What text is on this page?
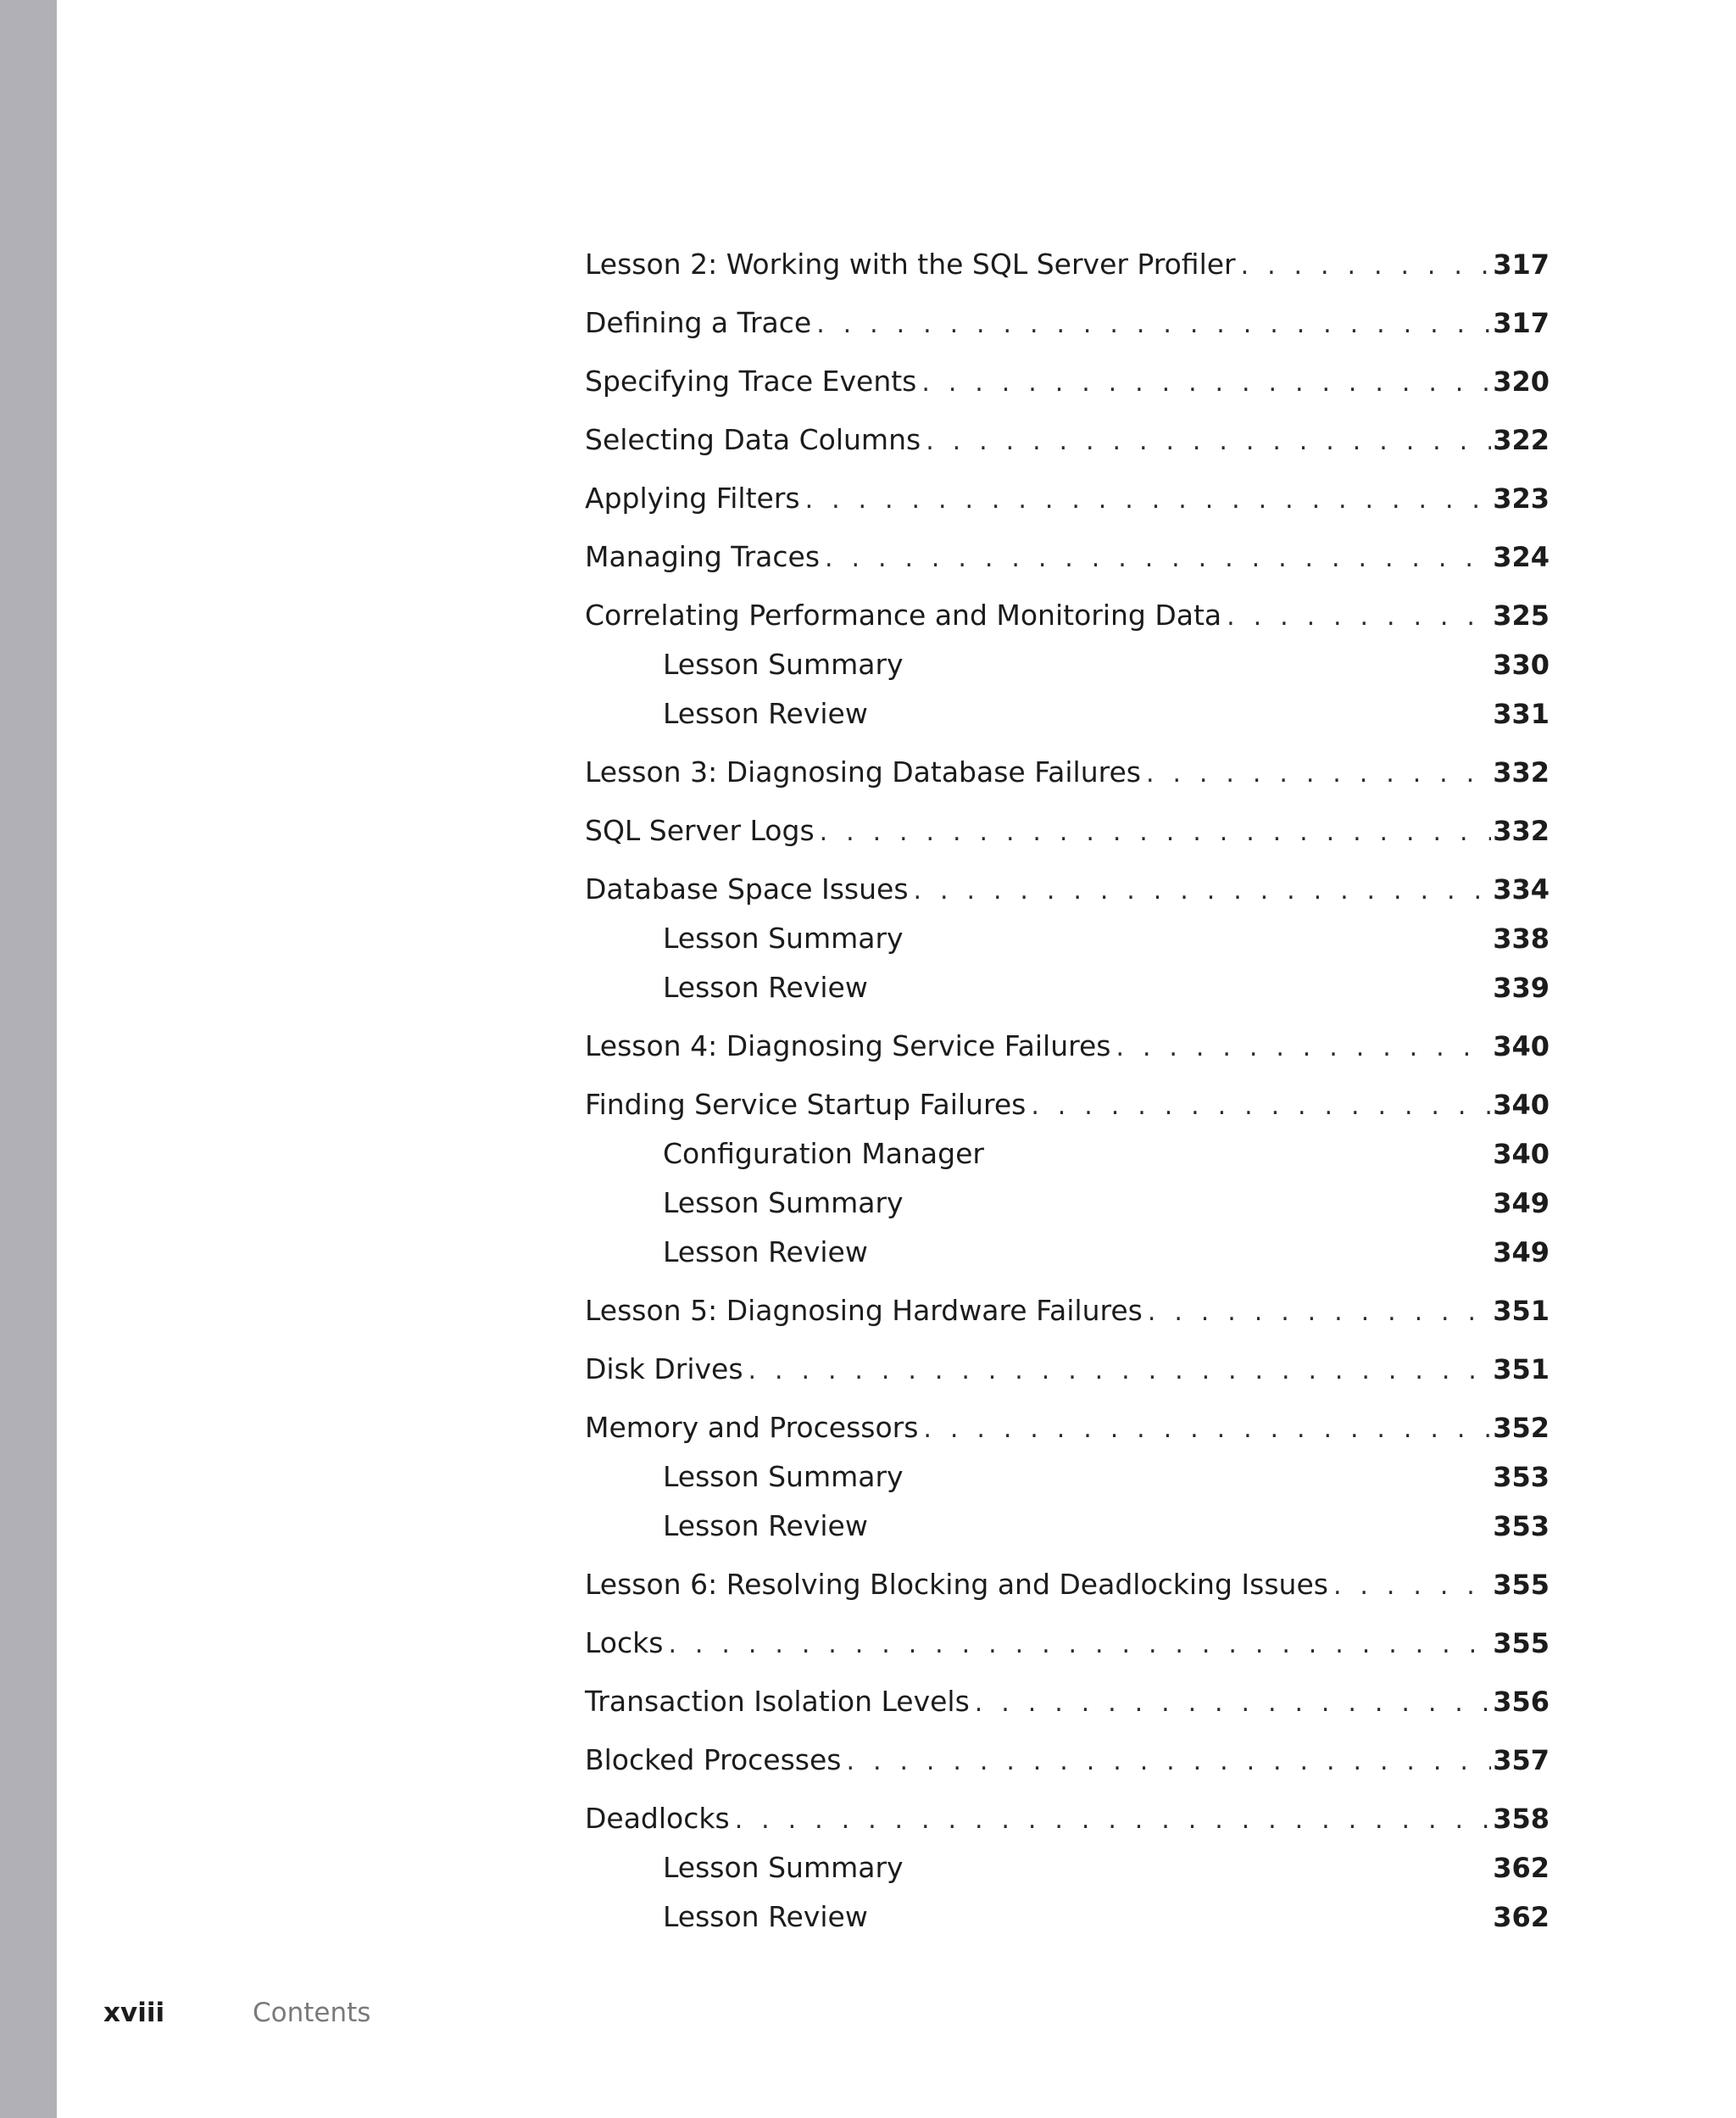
Lesson 2: Working with the SQL Server Profiler . . .	317
Defining a Trace . . .	317
Specifying Trace Events . . .	320
Selecting Data Columns . . .	322
Applying Filters . . .	323
Managing Traces . . .	324
Correlating Performance and Monitoring Data . . .	325
Lesson Summary	330
Lesson Review	331
Lesson 3: Diagnosing Database Failures . . .	332
SQL Server Logs . . .	332
Database Space Issues . . .	334
Lesson Summary	338
Lesson Review	339
Lesson 4: Diagnosing Service Failures . . .	340
Finding Service Startup Failures . . .	340
Configuration Manager	340
Lesson Summary	349
Lesson Review	349
Lesson 5: Diagnosing Hardware Failures . . .	351
Disk Drives . . .	351
Memory and Processors . . .	352
Lesson Summary	353
Lesson Review	353
Lesson 6: Resolving Blocking and Deadlocking Issues . . .	355
Locks . . .	355
Transaction Isolation Levels . . .	356
Blocked Processes . . .	357
Deadlocks . . .	358
Lesson Summary	362
Lesson Review	362
xviii	Contents
